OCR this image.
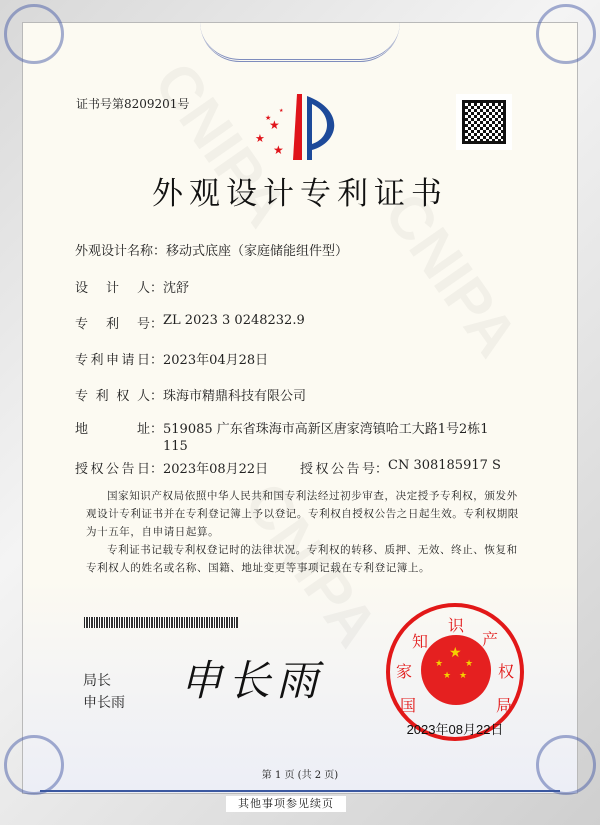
证书号第8209201号
★
★
★
★
★
外观设计专利证书
外观设计名称： 移动式底座（家庭储能组件型）
设 计 人： 沈舒
专 利 号： ZL 2023 3 0248232.9
专 利 申 请 日： 2023年04月28日
专 利 权 人： 珠海市精鼎科技有限公司
地	址： 519085 广东省珠海市高新区唐家湾镇哈工大路1号2栋1
115
授 权 公 告 日： 2023年08月22日 授 权 公 告 号： CN 308185917 S

国家知识产权局依照中华人民共和国专利法经过初步审查，决定授予专利权，颁发外观设计专利证书并在专利登记簿上予以登记。专利权自授权公告之日起生效。专利权期限为十五年，自申请日起算。

专利证书记载专利权登记时的法律状况。专利权的转移、质押、无效、终止、恢复和专利权人的姓名或名称、国籍、地址变更等事项记载在专利登记簿上。

局长
申长雨 申长雨
★
★ ★
★ ★
国
家
知
识
产
权
局
2023年08月22日
第 1 页 (共 2 页)
其他事项参见续页
